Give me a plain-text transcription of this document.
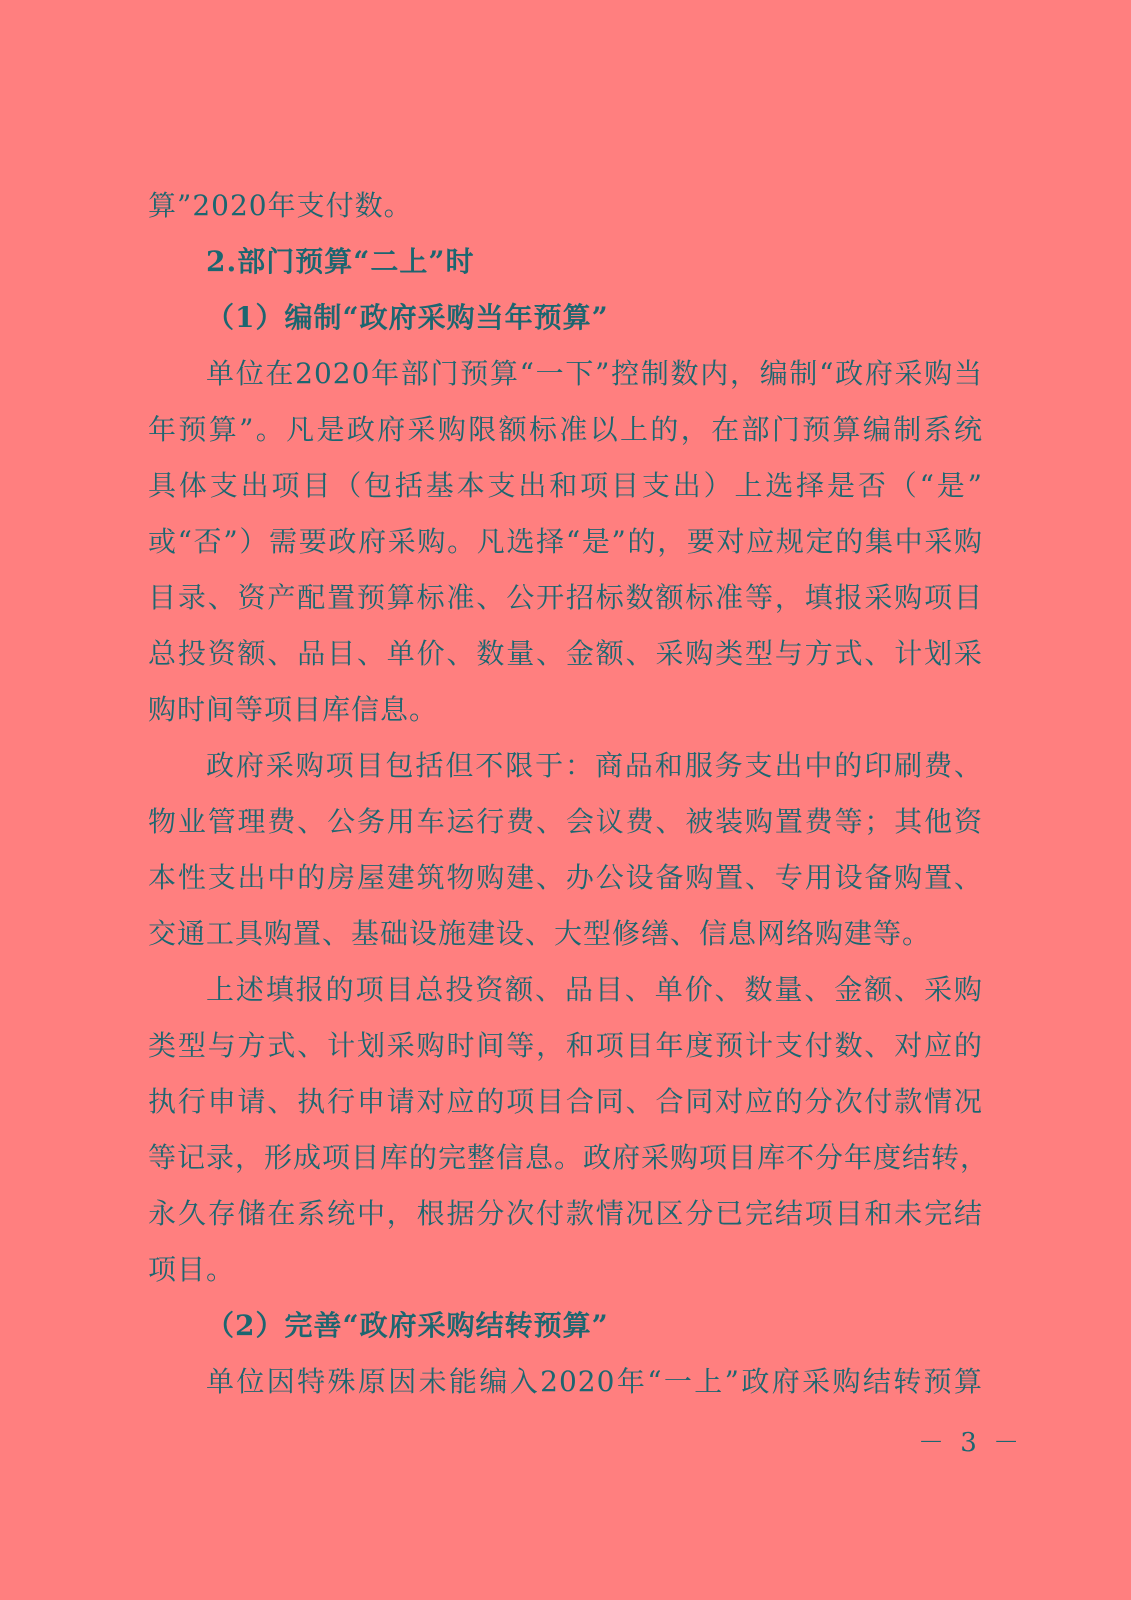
算”2020年支付数。
2.部门预算“二上”时
（1）编制“政府采购当年预算”
单位在2020年部门预算“一下”控制数内，编制“政府采购当
年预算”。凡是政府采购限额标准以上的，在部门预算编制系统
具体支出项目（包括基本支出和项目支出）上选择是否（“是”
或“否”）需要政府采购。凡选择“是”的，要对应规定的集中采购
目录、资产配置预算标准、公开招标数额标准等，填报采购项目
总投资额、品目、单价、数量、金额、采购类型与方式、计划采
购时间等项目库信息。
政府采购项目包括但不限于：商品和服务支出中的印刷费、
物业管理费、公务用车运行费、会议费、被装购置费等；其他资
本性支出中的房屋建筑物购建、办公设备购置、专用设备购置、
交通工具购置、基础设施建设、大型修缮、信息网络购建等。
上述填报的项目总投资额、品目、单价、数量、金额、采购
类型与方式、计划采购时间等，和项目年度预计支付数、对应的
执行申请、执行申请对应的项目合同、合同对应的分次付款情况
等记录，形成项目库的完整信息。政府采购项目库不分年度结转，
永久存储在系统中，根据分次付款情况区分已完结项目和未完结
项目。
（2）完善“政府采购结转预算”
单位因特殊原因未能编入2020年“一上”政府采购结转预算
－ 3 －
